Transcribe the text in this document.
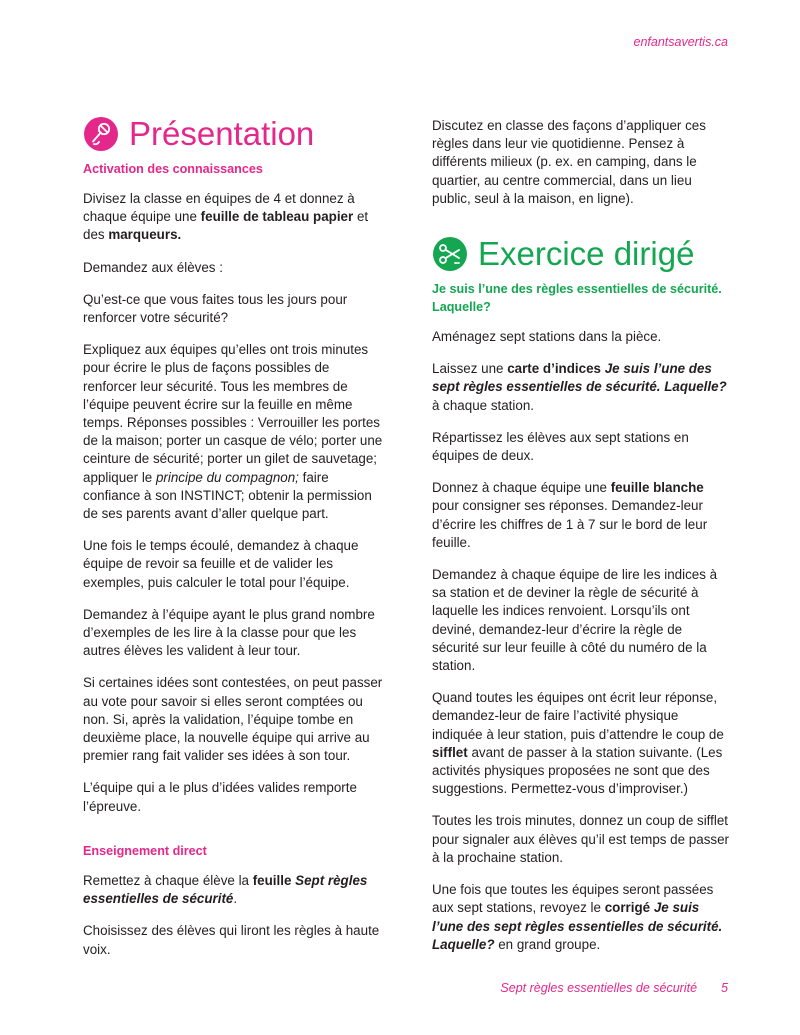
enfantsavertis.ca
Présentation
Activation des connaissances

Divisez la classe en équipes de 4 et donnez à chaque équipe une feuille de tableau papier et des marqueurs.

Demandez aux élèves :

Qu’est-ce que vous faites tous les jours pour renforcer votre sécurité?

Expliquez aux équipes qu’elles ont trois minutes pour écrire le plus de façons possibles de renforcer leur sécurité. Tous les membres de l’équipe peuvent écrire sur la feuille en même temps. Réponses possibles : Verrouiller les portes de la maison; porter un casque de vélo; porter une ceinture de sécurité; porter un gilet de sauvetage; appliquer le principe du compagnon; faire confiance à son INSTINCT; obtenir la permission de ses parents avant d’aller quelque part.

Une fois le temps écoulé, demandez à chaque équipe de revoir sa feuille et de valider les exemples, puis calculer le total pour l’équipe.

Demandez à l’équipe ayant le plus grand nombre d’exemples de les lire à la classe pour que les autres élèves les valident à leur tour.

Si certaines idées sont contestées, on peut passer au vote pour savoir si elles seront comptées ou non. Si, après la validation, l’équipe tombe en deuxième place, la nouvelle équipe qui arrive au premier rang fait valider ses idées à son tour.

L’équipe qui a le plus d’idées valides remporte l’épreuve.

Enseignement direct

Remettez à chaque élève la feuille Sept règles essentielles de sécurité.

Choisissez des élèves qui liront les règles à haute voix.

Discutez en classe des façons d’appliquer ces règles dans leur vie quotidienne. Pensez à différents milieux (p. ex. en camping, dans le quartier, au centre commercial, dans un lieu public, seul à la maison, en ligne).

Exercice dirigé
Je suis l’une des règles essentielles de sécurité. Laquelle?

Aménagez sept stations dans la pièce.

Laissez une carte d’indices Je suis l’une des sept règles essentielles de sécurité. Laquelle? à chaque station.

Répartissez les élèves aux sept stations en équipes de deux.

Donnez à chaque équipe une feuille blanche pour consigner ses réponses. Demandez-leur d’écrire les chiffres de 1 à 7 sur le bord de leur feuille.

Demandez à chaque équipe de lire les indices à sa station et de deviner la règle de sécurité à laquelle les indices renvoient. Lorsqu’ils ont deviné, demandez-leur d’écrire la règle de sécurité sur leur feuille à côté du numéro de la station.

Quand toutes les équipes ont écrit leur réponse, demandez-leur de faire l’activité physique indiquée à leur station, puis d’attendre le coup de sifflet avant de passer à la station suivante. (Les activités physiques proposées ne sont que des suggestions. Permettez-vous d’improviser.)

Toutes les trois minutes, donnez un coup de sifflet pour signaler aux élèves qu’il est temps de passer à la prochaine station.

Une fois que toutes les équipes seront passées aux sept stations, revoyez le corrigé Je suis l’une des sept règles essentielles de sécurité. Laquelle? en grand groupe.

Sept règles essentielles de sécurité 5
